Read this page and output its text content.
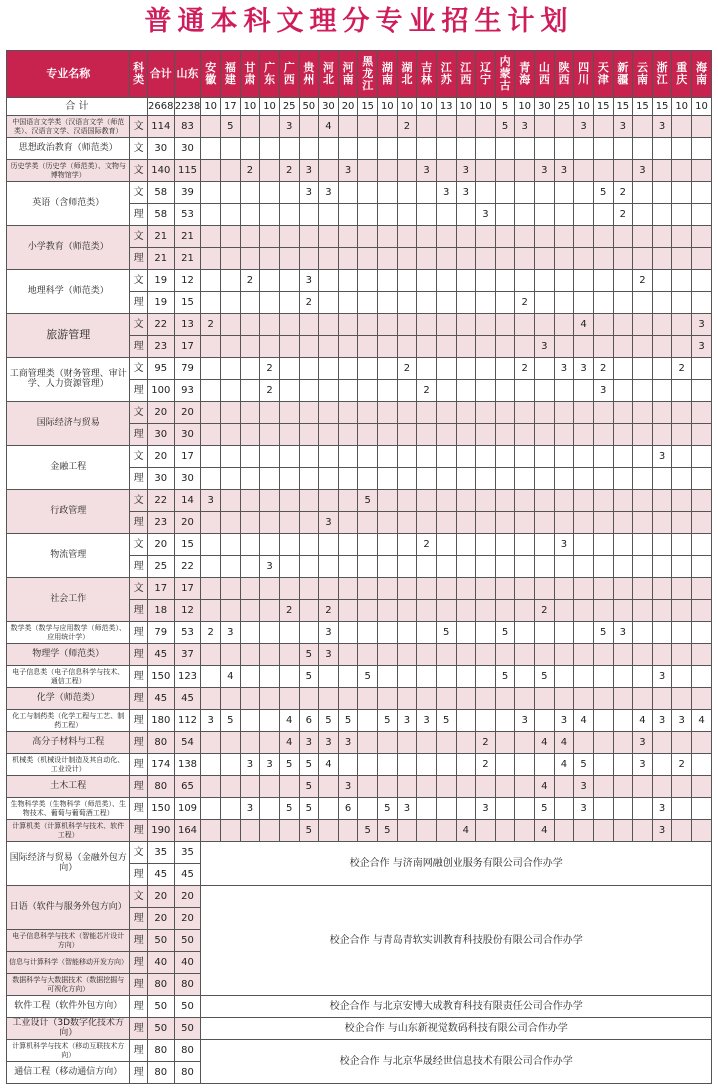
普通本科文理分专业招生计划
专业名称	科类	合计	山东	安徽	福建	甘肃	广东	广西	贵州	河北	河南	黑龙江	湖南	湖北	吉林	江苏	江西	辽宁	内蒙古	青海	山西	陕西	四川	天津	新疆	云南	浙江	重庆	海南
合 计		2668	2238	10	17	10	10	25	50	30	20	15	10	10	10	13	10	10	5	10	30	25	10	15	15	15	15	10	10
中国语言文学类（汉语言文学（师范类）、汉语言文学、汉语国际教育）	文	114	83		5			3		4				2					5	3			3		3		3		
思想政治教育（师范类）	文	30	30																										
历史学类（历史学（师范类）、文物与博物馆学）	文	140	115			2		2	3		3				3		3				3	3				3			
英语（含师范类）	文	58	39						3	3						3	3							5	2				
	理	58	53															3							2				
小学教育（师范类）	文	21	21																										
	理	21	21																										
地理科学（师范类）	文	19	12			2			3																	2			
	理	19	15						2											2									
旅游管理	文	22	13	2																			4						3
	理	23	17																		3								3
工商管理类（财务管理、审计学、人力资源管理）	文	95	79				2							2						2		3	3	2				2	
	理	100	93				2								2									3					
国际经济与贸易	文	20	20																										
	理	30	30																										
金融工程	文	20	17																								3		
	理	30	30																										
行政管理	文	22	14	3								5																	
	理	23	20							3																			
物流管理	文	20	15												2							3							
	理	25	22				3																						
社会工作	文	17	17																										
	理	18	12					2		2											2								
数学类（数学与应用数学（师范类）、应用统计学）	理	79	53	2	3					3						5			5					5	3				
物理学（师范类）	理	45	37						5	3																			
电子信息类（电子信息科学与技术、通信工程）	理	150	123		4				5			5							5		5						3		
化学（师范类）	理	45	45																										
化工与制药类（化学工程与工艺、制药工程）	理	180	112	3	5			4	6	5	5		5	3	3	5				3		3	4			4	3	3	4
高分子材料与工程	理	80	54					4	3	3	3							2			4	4				3			
机械类（机械设计制造及其自动化、工业设计）	理	174	138			3	3	5	5	4								2				4	5			3		2	
土木工程	理	80	65						5		3										4		3						
生物科学类（生物科学（师范类）、生物技术、葡萄与葡萄酒工程）	理	150	109			3		5	5		6		5	3				3			5		3				3		
计算机类（计算机科学与技术、软件工程）	理	190	164						5			5	5				4				4						3		
国际经济与贸易（金融外包方向）	文	35	35	校企合作 与济南网融创业服务有限公司合作办学																									
	理	45	45																										
日语（软件与服务外包方向）	文	20	20	校企合作 与青岛青软实训教育科技股份有限公司合作办学																									
	理	20	20																										
电子信息科学与技术（智能芯片设计方向）	理	50	50																										
信息与计算科学（智能移动开发方向）	理	40	40																										
数据科学与大数据技术（数据挖掘与可视化方向）	理	80	80																										
软件工程（软件外包方向）	理	50	50	校企合作 与北京安博大成教育科技有限责任公司合作办学																									
工业设计（3D数字化技术方向）	理	50	50	校企合作 与山东新视觉数码科技有限公司合作办学																									
计算机科学与技术（移动互联技术方向）	理	80	80	校企合作 与北京华晟经世信息技术有限公司合作办学																									
通信工程（移动通信方向）	理	80	80																										
